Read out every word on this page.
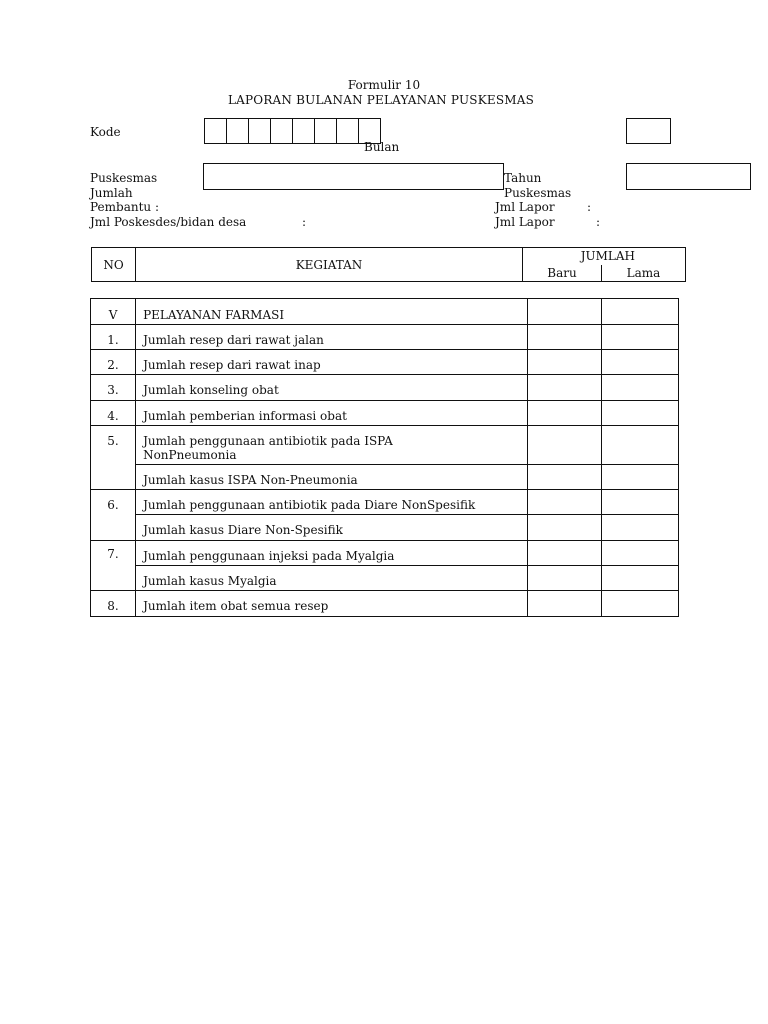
Formulir 10
LAPORAN BULANAN PELAYANAN PUSKESMAS
Kode
Bulan
Puskesmas	Tahun
Jumlah	Puskesmas
Pembantu :	Jml Lapor	:
Jml Poskesdes/bidan desa	:	Jml Lapor	:
NO	KEGIATAN	JUMLAH	
		Baru	Lama
V	PELAYANAN FARMASI		
1.	Jumlah resep dari rawat jalan		
2.	Jumlah resep dari rawat inap		
3.	Jumlah konseling obat		
4.	Jumlah pemberian informasi obat		
5.	Jumlah penggunaan antibiotik pada ISPA
NonPneumonia		

	Jumlah kasus ISPA Non-Pneumonia		
6.	Jumlah penggunaan antibiotik pada Diare NonSpesifik		
	Jumlah kasus Diare Non-Spesifik		
7.	Jumlah penggunaan injeksi pada Myalgia		
	Jumlah kasus Myalgia		
8.	Jumlah item obat semua resep		
